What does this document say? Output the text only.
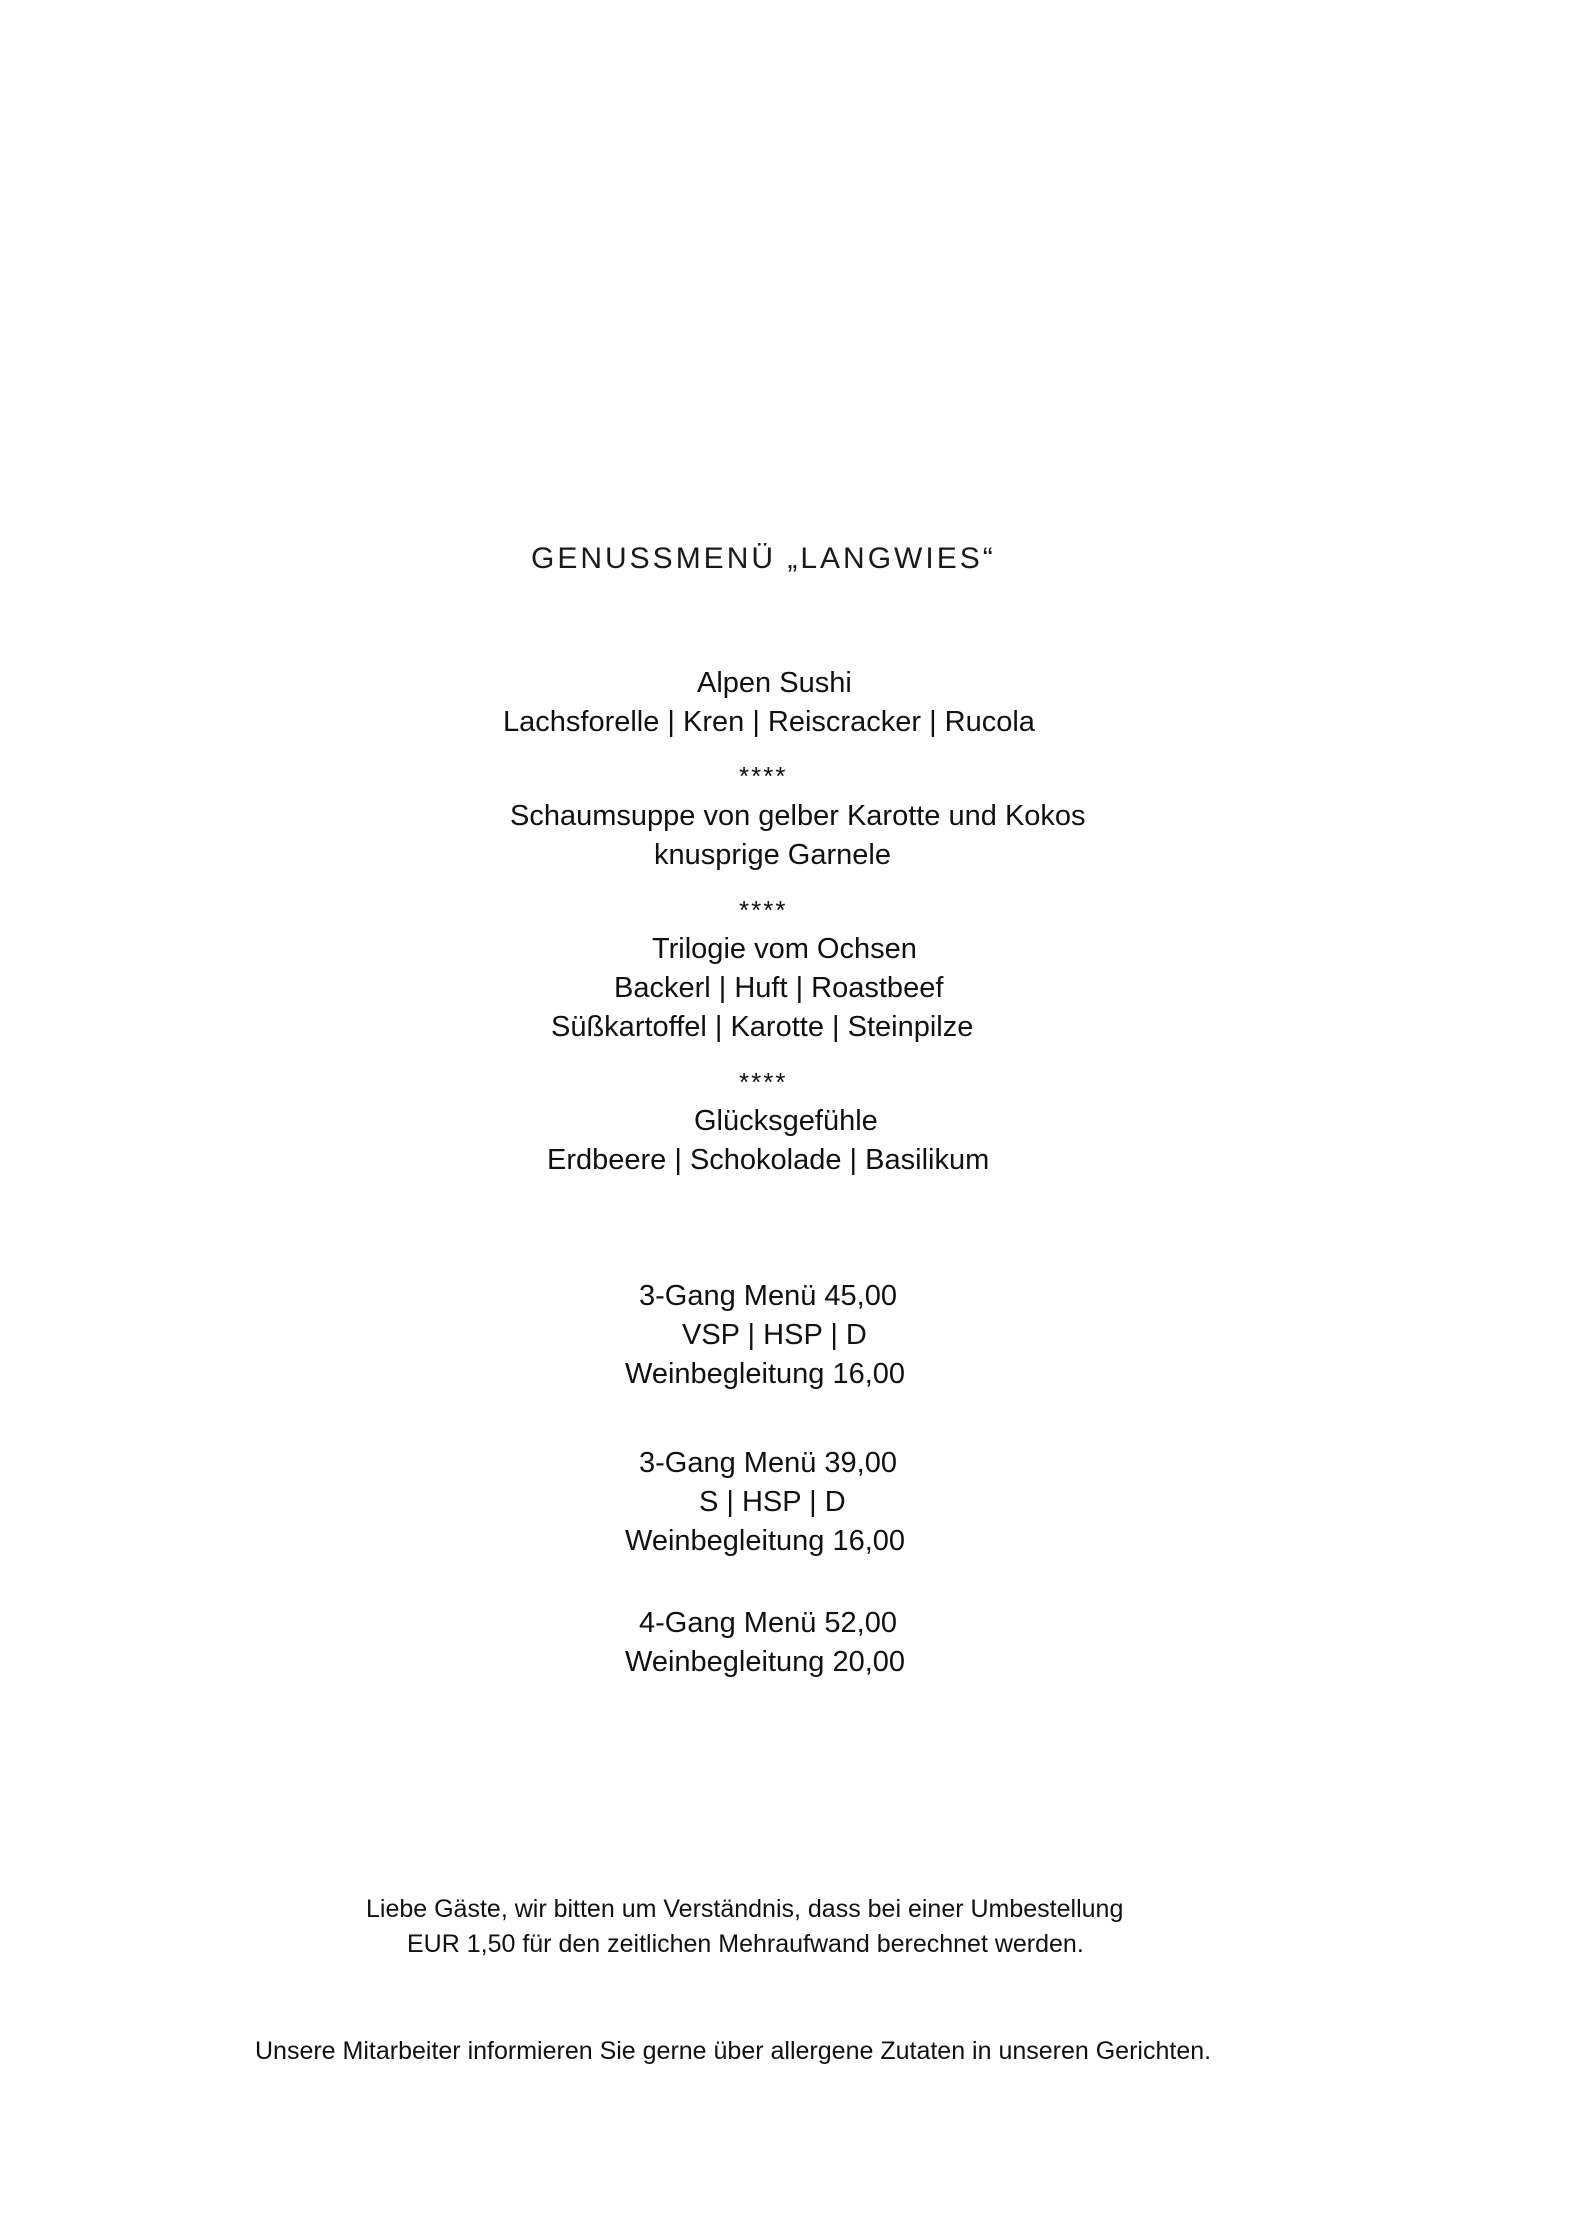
GENUSSMENÜ „LANGWIES“
Alpen Sushi
Lachsforelle | Kren | Reiscracker | Rucola
****
Schaumsuppe von gelber Karotte und Kokos
knusprige Garnele
****
Trilogie vom Ochsen
Backerl | Huft | Roastbeef
Süßkartoffel | Karotte | Steinpilze
****
Glücksgefühle
Erdbeere | Schokolade | Basilikum
3-Gang Menü 45,00
VSP | HSP | D
Weinbegleitung 16,00
3-Gang Menü 39,00
S | HSP | D
Weinbegleitung 16,00
4-Gang Menü 52,00
Weinbegleitung 20,00
Liebe Gäste, wir bitten um Verständnis, dass bei einer Umbestellung
EUR 1,50 für den zeitlichen Mehraufwand berechnet werden.
Unsere Mitarbeiter informieren Sie gerne über allergene Zutaten in unseren Gerichten.
